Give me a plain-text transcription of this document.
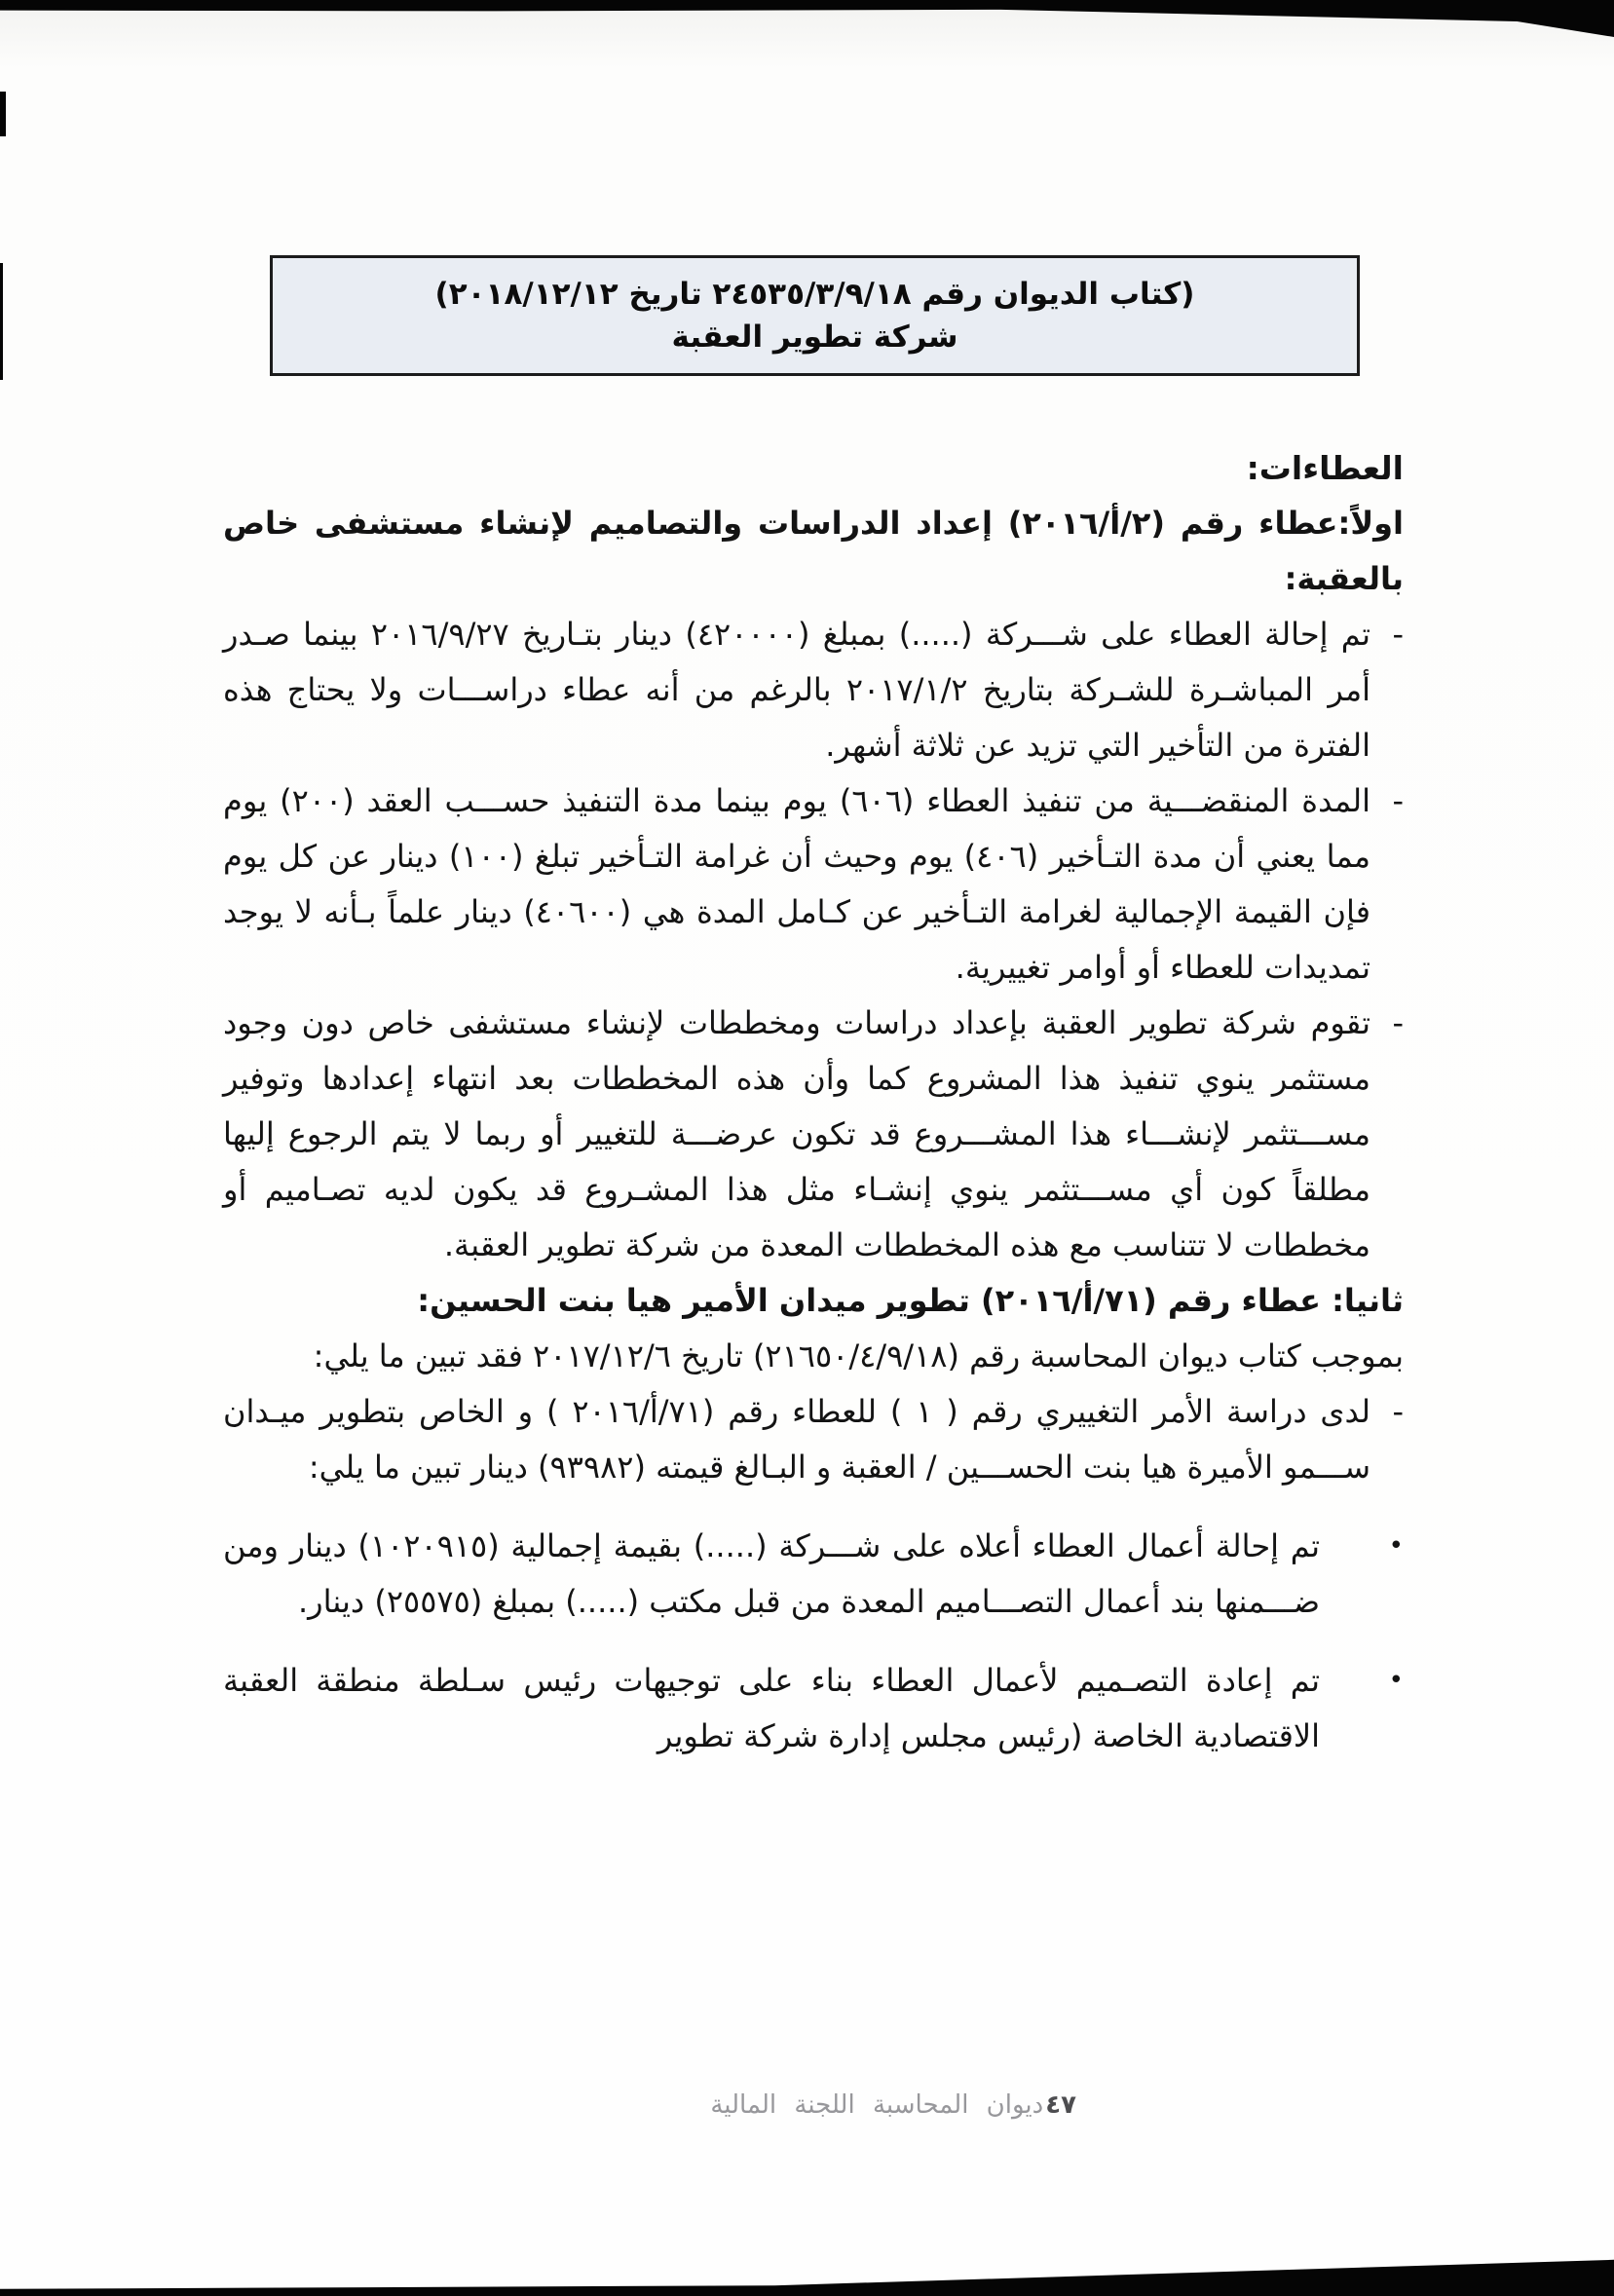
(كتاب الديوان رقم ٢٤٥٣٥/٣/٩/١٨ تاريخ ٢٠١٨/١٢/١٢)
شركة تطوير العقبة

العطاءات:

اولاً:عطاء رقم (٢/أ/٢٠١٦) إعداد الدراسات والتصاميم لإنشاء مستشفى خاص بالعقبة:

-
تم إحالة العطاء على شـــركة (.....) بمبلغ (٤٢٠٠٠٠) دينار بتـاريخ ٢٠١٦/٩/٢٧ بينما صـدر أمر المباشـرة للشـركة بتاريخ ٢٠١٧/١/٢ بالرغم من أنه عطاء دراســـات ولا يحتاج هذه الفترة من التأخير التي تزيد عن ثلاثة أشهر.
-
المدة المنقضـــية من تنفيذ العطاء (٦٠٦) يوم بينما مدة التنفيذ حســـب العقد (٢٠٠) يوم مما يعني أن مدة التـأخير (٤٠٦) يوم وحيث أن غرامة التـأخير تبلغ (١٠٠) دينار عن كل يوم فإن القيمة الإجمالية لغرامة التـأخير عن كـامل المدة هي (٤٠٦٠٠) دينار علماً بـأنه لا يوجد تمديدات للعطاء أو أوامر تغييرية.
-
تقوم شركة تطوير العقبة بإعداد دراسات ومخططات لإنشاء مستشفى خاص دون وجود مستثمر ينوي تنفيذ هذا المشروع كما وأن هذه المخططات بعد انتهاء إعدادها وتوفير مســـتثمر لإنشـــاء هذا المشـــروع قد تكون عرضـــة للتغيير أو ربما لا يتم الرجوع إليها مطلقاً كون أي مســـتثمر ينوي إنشـاء مثل هذا المشـروع قد يكون لديه تصـاميم أو مخططات لا تتناسب مع هذه المخططات المعدة من شركة تطوير العقبة.

ثانيا: عطاء رقم (٧١/أ/٢٠١٦) تطوير ميدان الأمير هيا بنت الحسين:

بموجب كتاب ديوان المحاسبة رقم (٢١٦٥٠/٤/٩/١٨) تاريخ ٢٠١٧/١٢/٦ فقد تبين ما يلي:

-
لدى دراسة الأمر التغييري رقم ( ١ ) للعطاء رقم (٧١/أ/٢٠١٦ ) و الخاص بتطوير ميـدان ســـمو الأميرة هيا بنت الحســـين / العقبة و البـالغ قيمته (٩٣٩٨٢) دينار تبين ما يلي:
•
تم إحالة أعمال العطاء أعلاه على شـــركة (.....) بقيمة إجمالية (١٠٢٠٩١٥) دينار ومن ضـــمنها بند أعمال التصـــاميم المعدة من قبل مكتب (.....) بمبلغ (٢٥٥٧٥) دينار.
•
تم إعادة التصـميم لأعمال العطاء بناء على توجيهات رئيس سـلطة منطقة العقبة الاقتصادية الخاصة (رئيس مجلس إدارة شركة تطوير
٤٧ديوان المحاسبة اللجنة المالية
